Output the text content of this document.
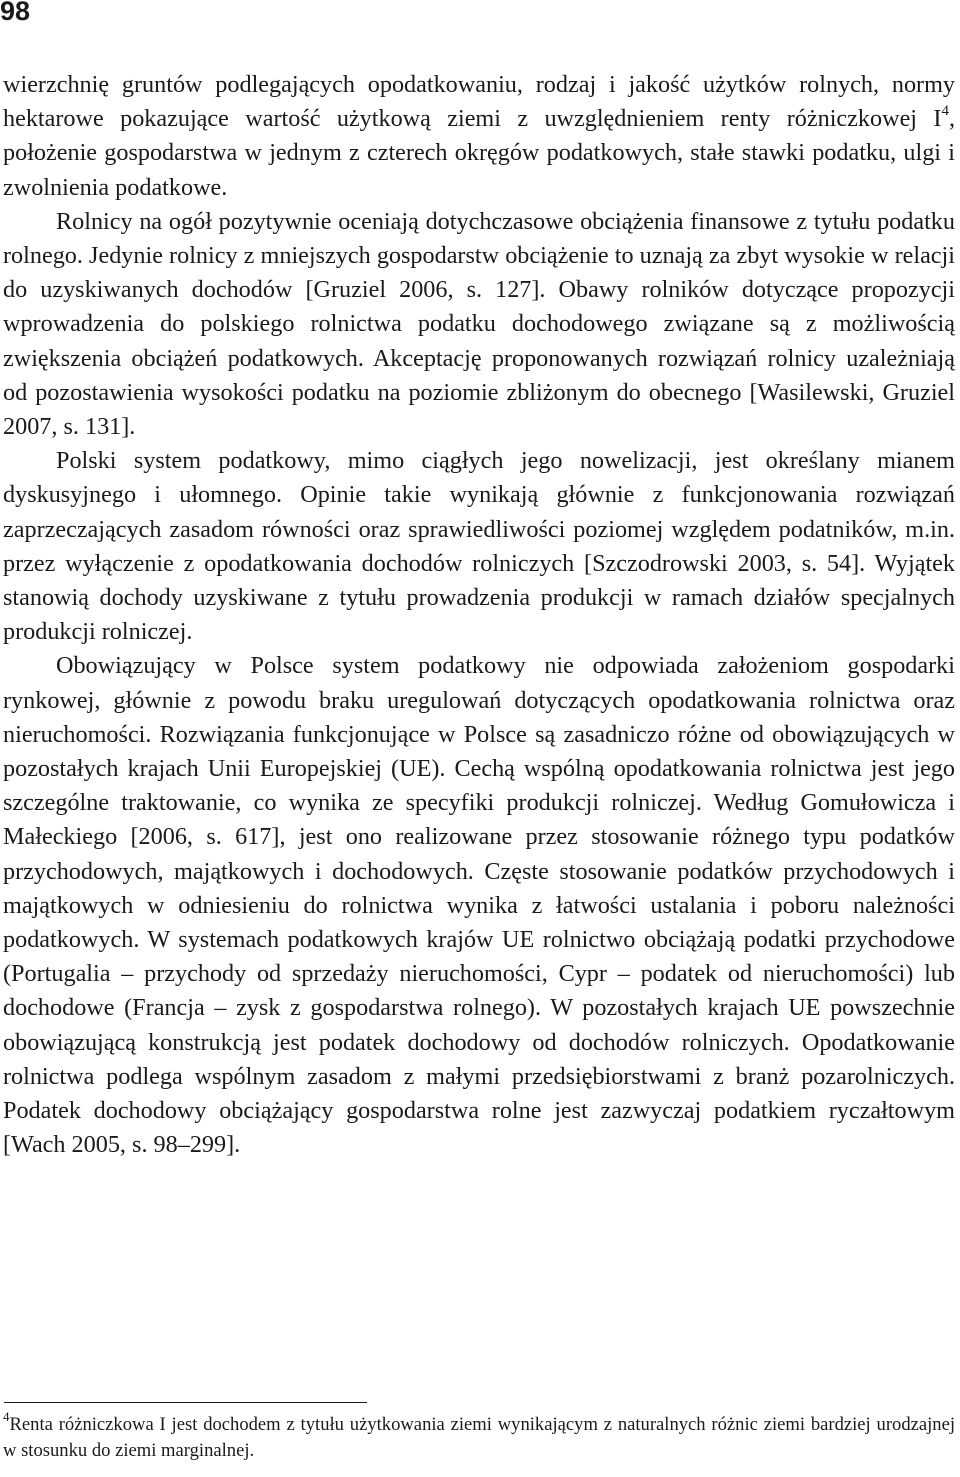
98

wierzchnię gruntów podlegających opodatkowaniu, rodzaj i jakość użytków rolnych, normy hektarowe pokazujące wartość użytkową ziemi z uwzględnieniem renty różniczkowej $I^4$, położenie gospodarstwa w jednym z czterech okręgów podatkowych, stałe stawki podatku, ulgi i zwolnienia podatkowe.

Rolnicy na ogół pozytywnie oceniają dotychczasowe obciążenia finansowe z tytułu podatku rolnego. Jedynie rolnicy z mniejszych gospodarstw obciążenie to uznają za zbyt wysokie w relacji do uzyskiwanych dochodów [Gruziel 2006, s. 127]. Obawy rolników dotyczące propozycji wprowadzenia do polskiego rolnictwa podatku dochodowego związane są z możliwością zwiększenia obciążeń podatkowych. Akceptację proponowanych rozwiązań rolnicy uzależniają od pozostawienia wysokości podatku na poziomie zbliżonym do obecnego [Wasilewski, Gruziel 2007, s. 131].

Polski system podatkowy, mimo ciągłych jego nowelizacji, jest określany mianem dyskusyjnego i ułomnego. Opinie takie wynikają głównie z funkcjonowania rozwiązań zaprzeczających zasadom równości oraz sprawiedliwości poziomej względem podatników, m.in. przez wyłączenie z opodatkowania dochodów rolniczych [Szczodrowski 2003, s. 54]. Wyjątek stanowią dochody uzyskiwane z tytułu prowadzenia produkcji w ramach działów specjalnych produkcji rolniczej.

Obowiązujący w Polsce system podatkowy nie odpowiada założeniom gospodarki rynkowej, głównie z powodu braku uregulowań dotyczących opodatkowania rolnictwa oraz nieruchomości. Rozwiązania funkcjonujące w Polsce są zasadniczo różne od obowiązujących w pozostałych krajach Unii Europejskiej (UE). Cechą wspólną opodatkowania rolnictwa jest jego szczególne traktowanie, co wynika ze specyfiki produkcji rolniczej. Według Gomułowicza i Małeckiego [2006, s. 617], jest ono realizowane przez stosowanie różnego typu podatków przychodowych, majątkowych i dochodowych. Częste stosowanie podatków przychodowych i majątkowych w odniesieniu do rolnictwa wynika z łatwości ustalania i poboru należności podatkowych. W systemach podatkowych krajów UE rolnictwo obciążają podatki przychodowe (Portugalia – przychody od sprzedaży nieruchomości, Cypr – podatek od nieruchomości) lub dochodowe (Francja – zysk z gospodarstwa rolnego). W pozostałych krajach UE powszechnie obowiązującą konstrukcją jest podatek dochodowy od dochodów rolniczych. Opodatkowanie rolnictwa podlega wspólnym zasadom z małymi przedsiębiorstwami z branż pozarolniczych. Podatek dochodowy obciążający gospodarstwa rolne jest zazwyczaj podatkiem ryczałtowym [Wach 2005, s. 98–299].

$^4$Renta różniczkowa I jest dochodem z tytułu użytkowania ziemi wynikającym z naturalnych różnic ziemi bardziej urodzajnej w stosunku do ziemi marginalnej.
